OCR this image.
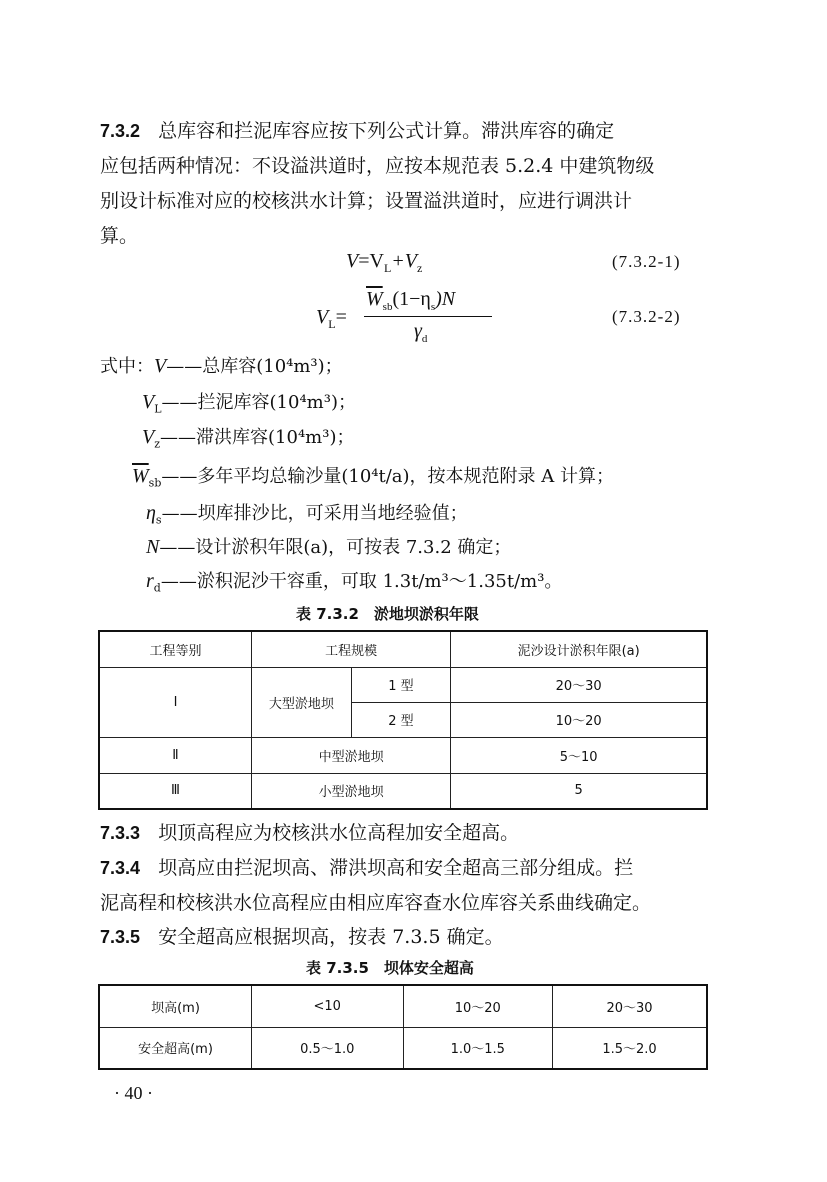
7.3.2 总库容和拦泥库容应按下列公式计算。滞洪库容的确定
应包括两种情况：不设溢洪道时，应按本规范表 5.2.4 中建筑物级
别设计标准对应的校核洪水计算；设置溢洪道时，应进行调洪计
算。
$V=V_L+V_z$	(7.3.2-1)
$V_L=$
$\overline{W}_{sb}(1-\eta_s)N$
$\gamma_d$
(7.3.2-2)
式中：V——总库容(10⁴m³)；
$V_L——$拦泥库容(10⁴m³)；
$V_z——$滞洪库容(10⁴m³)；
$\overline{W}_{sb}——$多年平均总输沙量(10⁴t/a)，按本规范附录 A 计算；
$\eta_s——$坝库排沙比，可采用当地经验值；
N——设计淤积年限(a)，可按表 7.3.2 确定；
$r_d——$淤积泥沙干容重，可取 1.3t/m³～1.35t/m³。
表 7.3.2　淤地坝淤积年限
工程等别	工程规模		泥沙设计淤积年限(a)
Ⅰ	大型淤地坝	1 型	20～30
		2 型	10～20
Ⅱ	中型淤地坝		5～10
Ⅲ	小型淤地坝		5
7.3.3 坝顶高程应为校核洪水位高程加安全超高。
7.3.4 坝高应由拦泥坝高、滞洪坝高和安全超高三部分组成。拦
泥高程和校核洪水位高程应由相应库容查水位库容关系曲线确定。
7.3.5 安全超高应根据坝高，按表 7.3.5 确定。
表 7.3.5　坝体安全超高
坝高(m)	<10	10～20	20～30
安全超高(m)	0.5～1.0	1.0～1.5	1.5～2.0
· 40 ·
